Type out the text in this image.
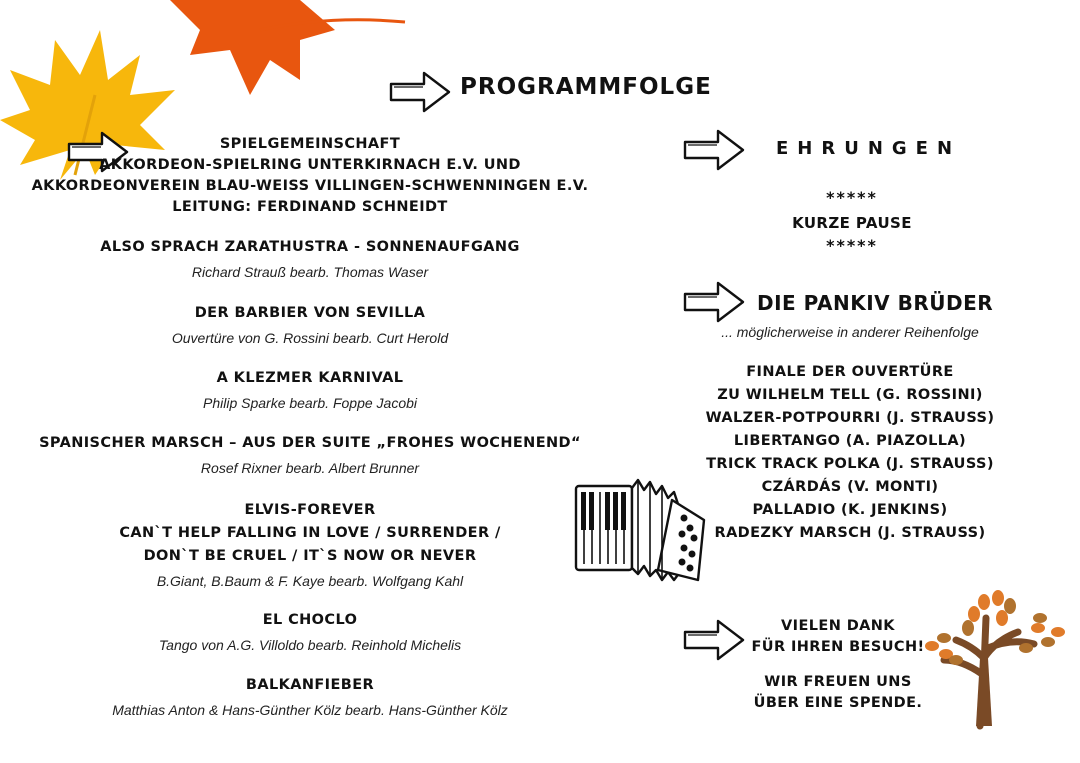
PROGRAMMFOLGE
SPIELGEMEINSCHAFT
AKKORDEON-SPIELRING UNTERKIRNACH E.V. UND
AKKORDEONVEREIN BLAU-WEISS VILLINGEN-SCHWENNINGEN E.V.
LEITUNG: FERDINAND SCHNEIDT
ALSO SPRACH ZARATHUSTRA - SONNENAUFGANG
Richard Strauß bearb. Thomas Waser
DER BARBIER VON SEVILLA
Ouvertüre von G. Rossini bearb. Curt Herold
A KLEZMER KARNIVAL
Philip Sparke bearb. Foppe Jacobi
SPANISCHER MARSCH – AUS DER SUITE „FROHES WOCHENEND“
Rosef Rixner bearb. Albert Brunner
ELVIS-FOREVER
CAN`T HELP FALLING IN LOVE / SURRENDER /
DON`T BE CRUEL / IT`S NOW OR NEVER
B.Giant, B.Baum & F. Kaye bearb. Wolfgang Kahl
EL CHOCLO
Tango von A.G. Villoldo bearb. Reinhold Michelis
BALKANFIEBER
Matthias Anton & Hans-Günther Kölz bearb. Hans-Günther Kölz
EHRUNGEN
*****
KURZE PAUSE
*****
DIE PANKIV BRÜDER
... möglicherweise in anderer Reihenfolge
FINALE DER OUVERTÜRE
ZU WILHELM TELL (G. ROSSINI)
WALZER-POTPOURRI (J. STRAUSS)
LIBERTANGO (A. PIAZOLLA)
TRICK TRACK POLKA (J. STRAUSS)
CZÁRDÁS (V. MONTI)
PALLADIO (K. JENKINS)
RADEZKY MARSCH (J. STRAUSS)
VIELEN DANK
FÜR IHREN BESUCH!
WIR FREUEN UNS
ÜBER EINE SPENDE.
